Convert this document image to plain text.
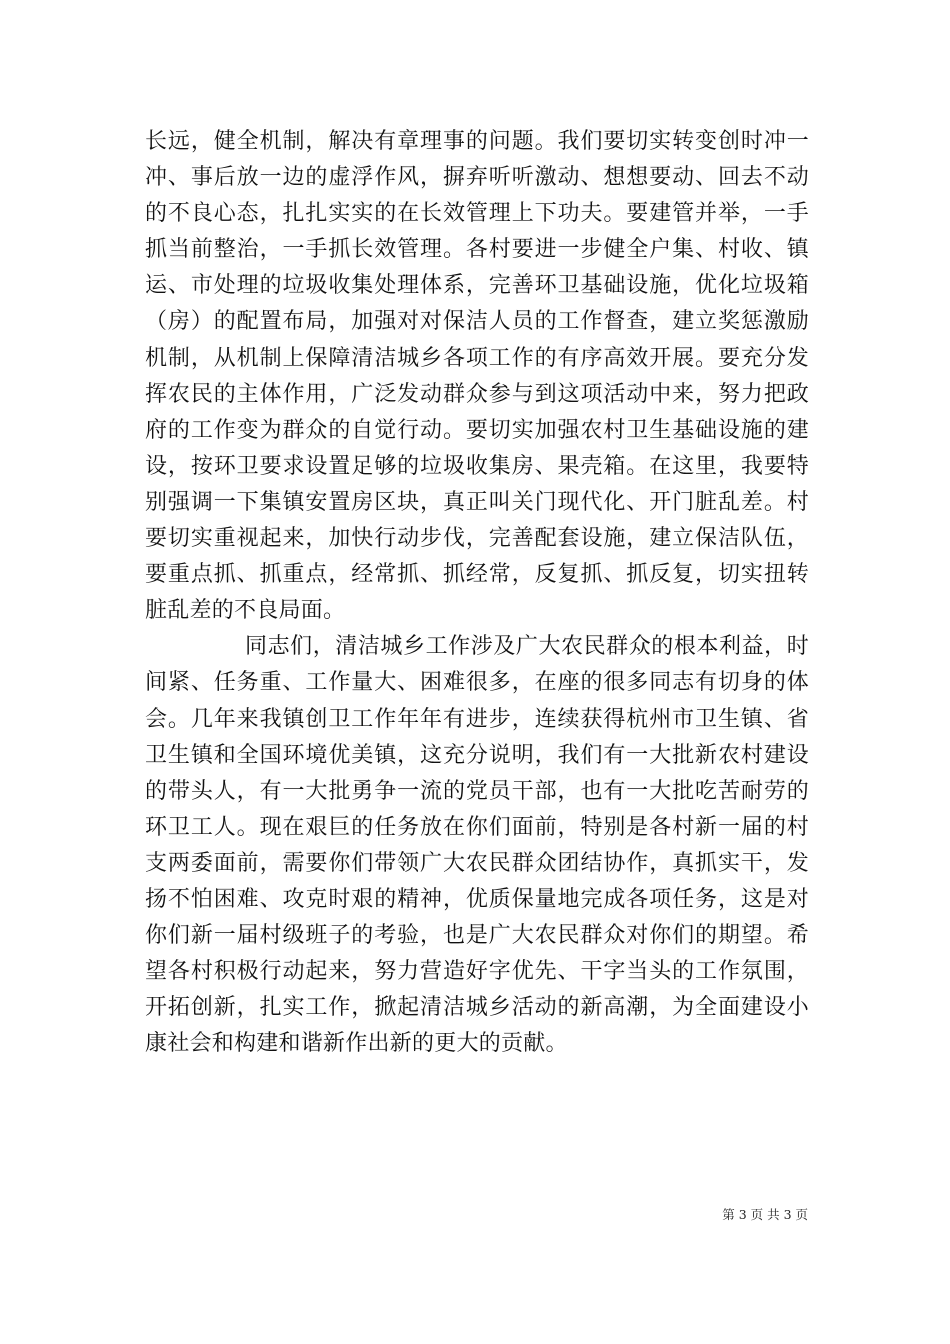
长远，健全机制，解决有章理事的问题。我们要切实转变创时冲一冲、事后放一边的虚浮作风，摒弃听听激动、想想要动、回去不动的不良心态，扎扎实实的在长效管理上下功夫。要建管并举，一手抓当前整治，一手抓长效管理。各村要进一步健全户集、村收、镇运、市处理的垃圾收集处理体系，完善环卫基础设施，优化垃圾箱（房）的配置布局，加强对对保洁人员的工作督查，建立奖惩激励机制，从机制上保障清洁城乡各项工作的有序高效开展。要充分发挥农民的主体作用，广泛发动群众参与到这项活动中来，努力把政府的工作变为群众的自觉行动。要切实加强农村卫生基础设施的建设，按环卫要求设置足够的垃圾收集房、果壳箱。在这里，我要特别强调一下集镇安置房区块，真正叫关门现代化、开门脏乱差。村要切实重视起来，加快行动步伐，完善配套设施，建立保洁队伍，要重点抓、抓重点，经常抓、抓经常，反复抓、抓反复，切实扭转脏乱差的不良局面。

同志们，清洁城乡工作涉及广大农民群众的根本利益，时间紧、任务重、工作量大、困难很多，在座的很多同志有切身的体会。几年来我镇创卫工作年年有进步，连续获得杭州市卫生镇、省卫生镇和全国环境优美镇，这充分说明，我们有一大批新农村建设的带头人，有一大批勇争一流的党员干部，也有一大批吃苦耐劳的环卫工人。现在艰巨的任务放在你们面前，特别是各村新一届的村支两委面前，需要你们带领广大农民群众团结协作，真抓实干，发扬不怕困难、攻克时艰的精神，优质保量地完成各项任务，这是对你们新一届村级班子的考验，也是广大农民群众对你们的期望。希望各村积极行动起来，努力营造好字优先、干字当头的工作氛围，开拓创新，扎实工作，掀起清洁城乡活动的新高潮，为全面建设小康社会和构建和谐新作出新的更大的贡献。

第 3 页 共 3 页
